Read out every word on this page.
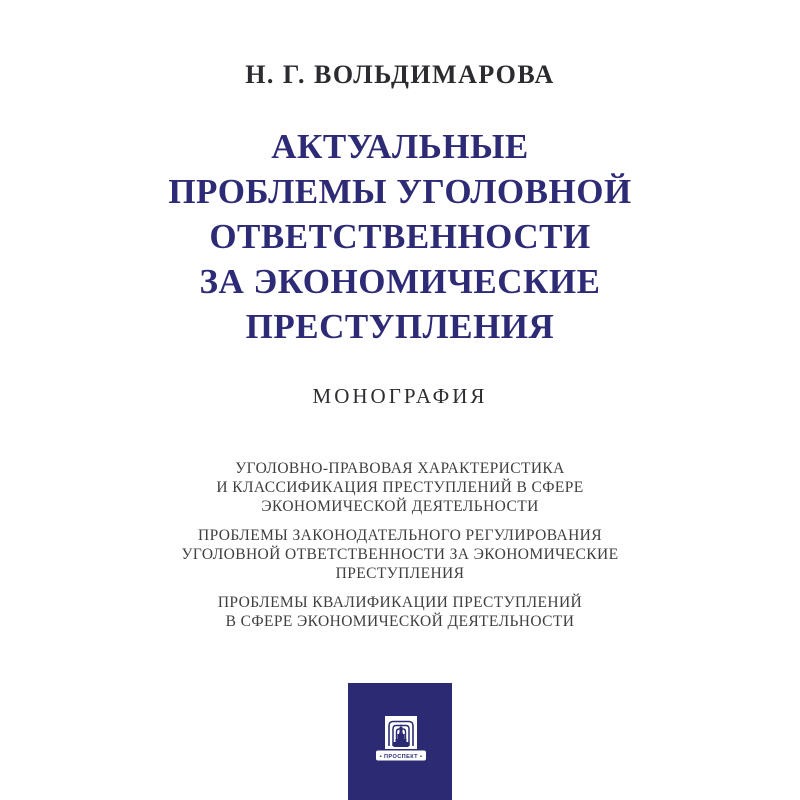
Н. Г. ВОЛЬДИМАРОВА
АКТУАЛЬНЫЕ
ПРОБЛЕМЫ УГОЛОВНОЙ
ОТВЕТСТВЕННОСТИ
ЗА ЭКОНОМИЧЕСКИЕ
ПРЕСТУПЛЕНИЯ
МОНОГРАФИЯ
УГОЛОВНО-ПРАВОВАЯ ХАРАКТЕРИСТИКА
И КЛАССИФИКАЦИЯ ПРЕСТУПЛЕНИЙ В СФЕРЕ
ЭКОНОМИЧЕСКОЙ ДЕЯТЕЛЬНОСТИ
ПРОБЛЕМЫ ЗАКОНОДАТЕЛЬНОГО РЕГУЛИРОВАНИЯ
УГОЛОВНОЙ ОТВЕТСТВЕННОСТИ ЗА ЭКОНОМИЧЕСКИЕ
ПРЕСТУПЛЕНИЯ
ПРОБЛЕМЫ КВАЛИФИКАЦИИ ПРЕСТУПЛЕНИЙ
В СФЕРЕ ЭКОНОМИЧЕСКОЙ ДЕЯТЕЛЬНОСТИ
• ПРОСПЕКТ •
